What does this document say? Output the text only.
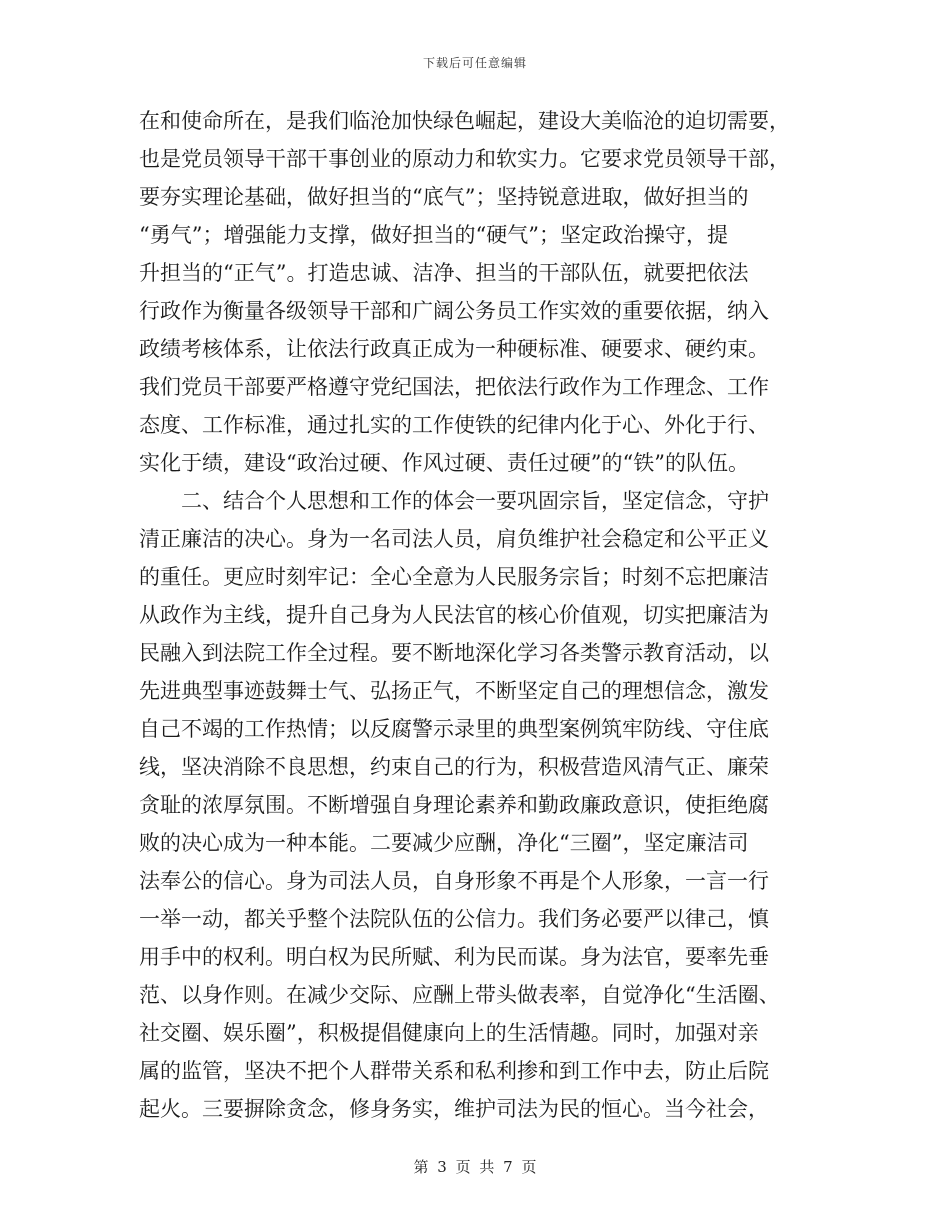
下载后可任意编辑
在和使命所在，是我们临沧加快绿色崛起，建设大美临沧的迫切需要，
也是党员领导干部干事创业的原动力和软实力。它要求党员领导干部，
要夯实理论基础，做好担当的“底气”；坚持锐意进取，做好担当的
“勇气”；增强能力支撑，做好担当的“硬气”；坚定政治操守，提
升担当的“正气”。打造忠诚、洁净、担当的干部队伍，就要把依法
行政作为衡量各级领导干部和广阔公务员工作实效的重要依据，纳入
政绩考核体系，让依法行政真正成为一种硬标准、硬要求、硬约束。
我们党员干部要严格遵守党纪国法，把依法行政作为工作理念、工作
态度、工作标准，通过扎实的工作使铁的纪律内化于心、外化于行、
实化于绩，建设“政治过硬、作风过硬、责任过硬”的“铁”的队伍。
　　二、结合个人思想和工作的体会一要巩固宗旨，坚定信念，守护
清正廉洁的决心。身为一名司法人员，肩负维护社会稳定和公平正义
的重任。更应时刻牢记：全心全意为人民服务宗旨；时刻不忘把廉洁
从政作为主线，提升自己身为人民法官的核心价值观，切实把廉洁为
民融入到法院工作全过程。要不断地深化学习各类警示教育活动，以
先进典型事迹鼓舞士气、弘扬正气，不断坚定自己的理想信念，激发
自己不竭的工作热情；以反腐警示录里的典型案例筑牢防线、守住底
线，坚决消除不良思想，约束自己的行为，积极营造风清气正、廉荣
贪耻的浓厚氛围。不断增强自身理论素养和勤政廉政意识，使拒绝腐
败的决心成为一种本能。二要减少应酬，净化“三圈”，坚定廉洁司
法奉公的信心。身为司法人员，自身形象不再是个人形象，一言一行
一举一动，都关乎整个法院队伍的公信力。我们务必要严以律己，慎
用手中的权利。明白权为民所赋、利为民而谋。身为法官，要率先垂
范、以身作则。在减少交际、应酬上带头做表率，自觉净化“生活圈、
社交圈、娱乐圈”，积极提倡健康向上的生活情趣。同时，加强对亲
属的监管，坚决不把个人群带关系和私利掺和到工作中去，防止后院
起火。三要摒除贪念，修身务实，维护司法为民的恒心。当今社会，
第 3 页 共 7 页
